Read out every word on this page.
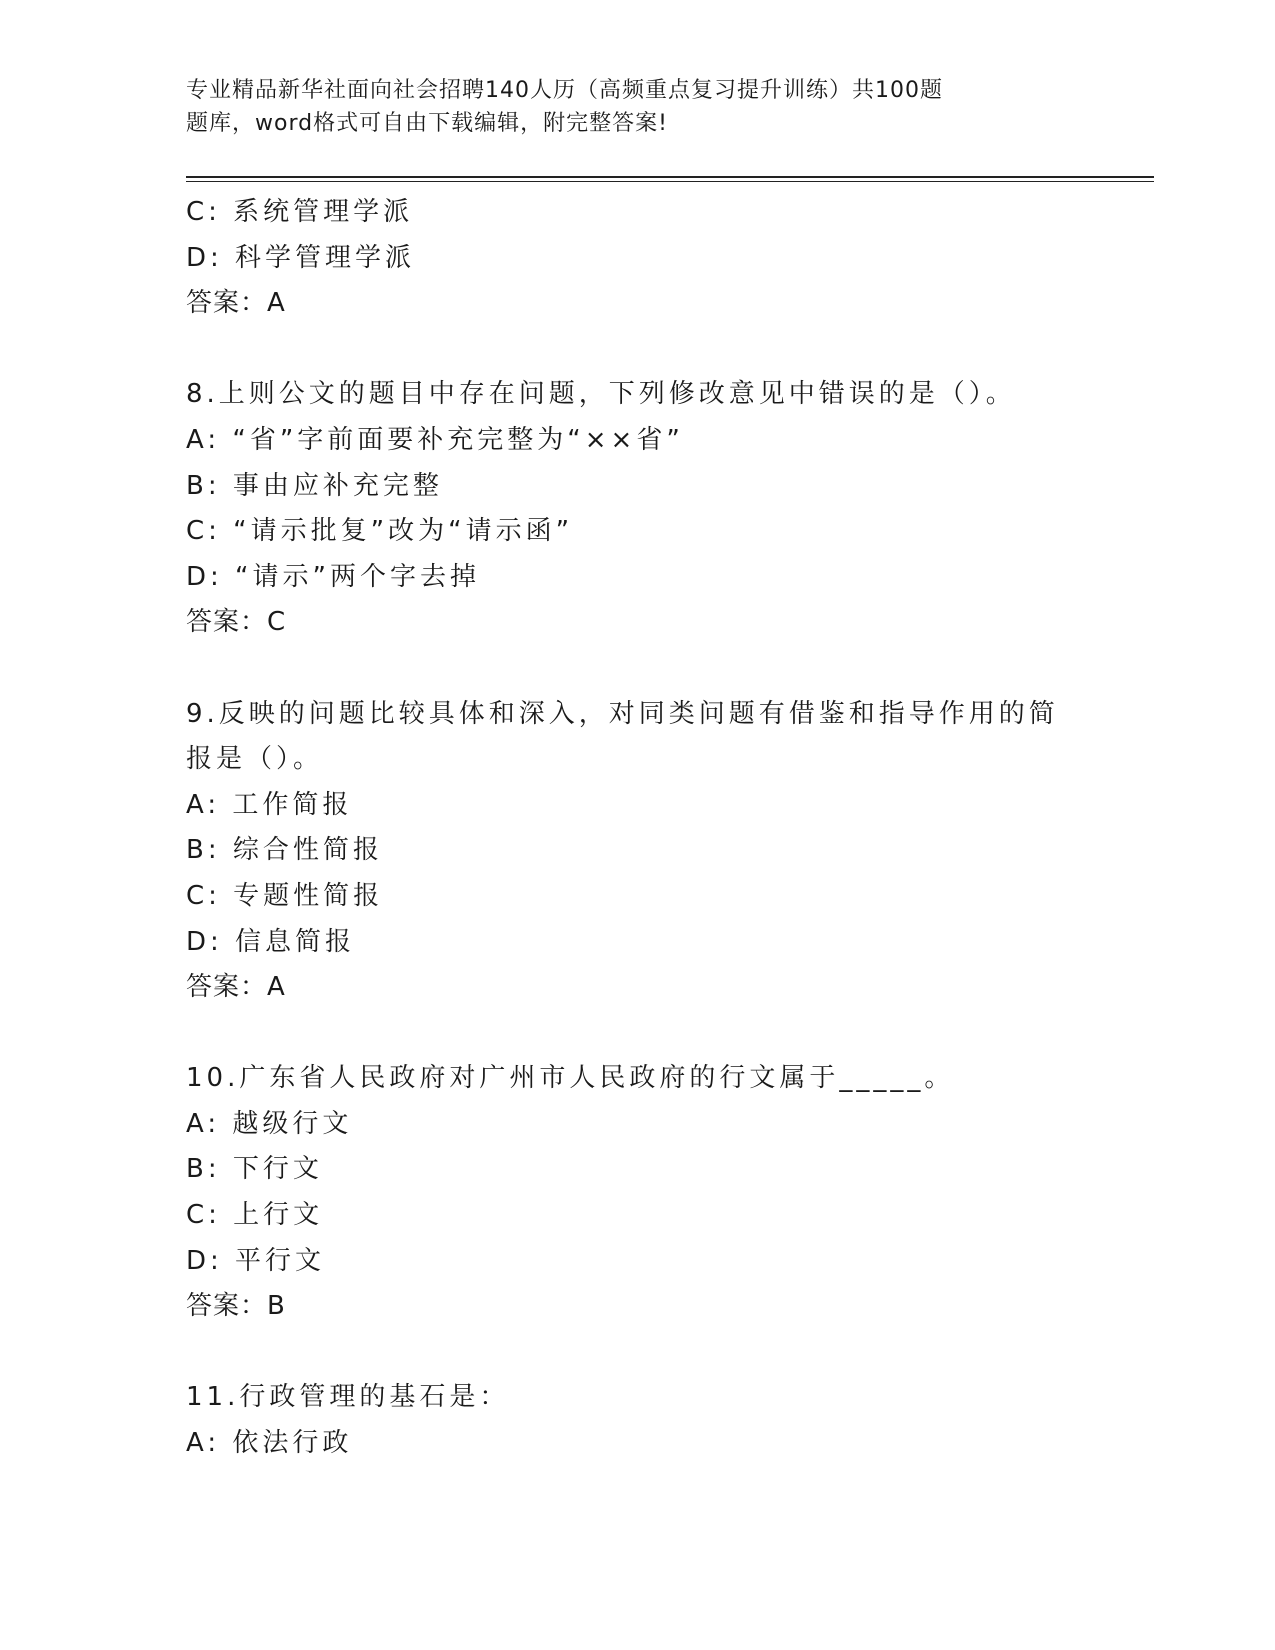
专业精品新华社面向社会招聘140人历（高频重点复习提升训练）共100题

题库，word格式可自由下载编辑，附完整答案!

C: 系统管理学派
D: 科学管理学派
答案：A
8.上则公文的题目中存在问题，下列修改意见中错误的是（）。
A: “省”字前面要补充完整为“××省”
B: 事由应补充完整
C: “请示批复”改为“请示函”
D: “请示”两个字去掉
答案：C
9.反映的问题比较具体和深入，对同类问题有借鉴和指导作用的简报是（）。
A: 工作简报
B: 综合性简报
C: 专题性简报
D: 信息简报
答案：A
10.广东省人民政府对广州市人民政府的行文属于_____。
A: 越级行文
B: 下行文
C: 上行文
D: 平行文
答案：B
11.行政管理的基石是：
A: 依法行政
